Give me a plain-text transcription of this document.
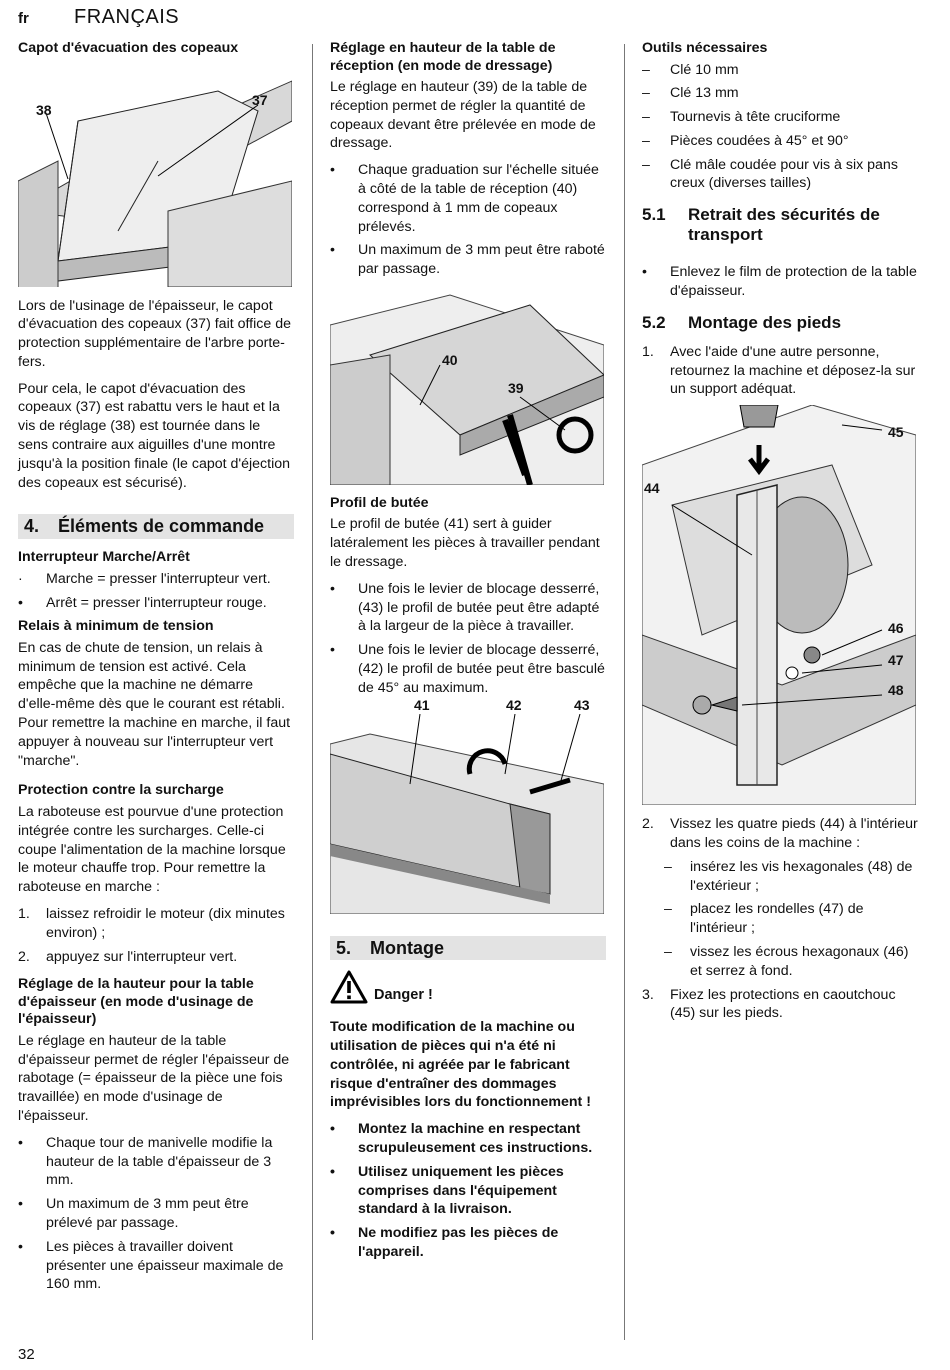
fr FRANÇAIS
Capot d'évacuation des copeaux
38
37

Lors de l'usinage de l'épaisseur, le capot d'évacuation des copeaux (37) fait office de protection supplémentaire de l'arbre porte-fers.

Pour cela, le capot d'évacuation des copeaux (37) est rabattu vers le haut et la vis de réglage (38) est tournée dans le sens contraire aux aiguilles d'une montre jusqu'à la position finale (le capot d'éjection des copeaux est sécurisé).

4. Éléments de commande
Interrupteur Marche/Arrêt
· Marche = presser l'interrupteur vert.
• Arrêt = presser l'interrupteur rouge.
Relais à minimum de tension

En cas de chute de tension, un relais à minimum de tension est activé. Cela empêche que la machine ne démarre d'elle-même dès que le courant est rétabli. Pour remettre la machine en marche, il faut appuyer à nouveau sur l'interrupteur vert "marche".

Protection contre la surcharge

La raboteuse est pourvue d'une protection intégrée contre les surcharges. Celle-ci coupe l'alimentation de la machine lorsque le moteur chauffe trop. Pour remettre la raboteuse en marche :

1. laissez refroidir le moteur (dix minutes environ) ;
2. appuyez sur l'interrupteur vert.
Réglage de la hauteur pour la table d'épaisseur (en mode d'usinage de l'épaisseur)

Le réglage en hauteur de la table d'épaisseur permet de régler l'épaisseur de rabotage (= épaisseur de la pièce une fois travaillée) en mode d'usinage de l'épaisseur.

• Chaque tour de manivelle modifie la hauteur de la table d'épaisseur de 3 mm.
• Un maximum de 3 mm peut être prélevé par passage.
• Les pièces à travailler doivent présenter une épaisseur maximale de 160 mm.
Réglage en hauteur de la table de réception (en mode de dressage)

Le réglage en hauteur (39) de la table de réception permet de régler la quantité de copeaux devant être prélevée en mode de dressage.

• Chaque graduation sur l'échelle située à côté de la table de réception (40) correspond à 1 mm de copeaux prélevés.
• Un maximum de 3 mm peut être raboté par passage.
40
39
Profil de butée

Le profil de butée (41) sert à guider latéralement les pièces à travailler pendant le dressage.

• Une fois le levier de blocage desserré, (43) le profil de butée peut être adapté à la largeur de la pièce à travailler.
• Une fois le levier de blocage desserré, (42) le profil de butée peut être basculé de 45° au maximum.
41	42	43
5. Montage
Danger !

Toute modification de la machine ou utilisation de pièces qui n'a été ni contrôlée, ni agréée par le fabricant risque d'entraîner des dommages imprévisibles lors du fonctionnement !

• Montez la machine en respectant scrupuleusement ces instructions.
• Utilisez uniquement les pièces comprises dans l'équipement standard à la livraison.
• Ne modifiez pas les pièces de l'appareil.
Outils nécessaires
– Clé 10 mm
– Clé 13 mm
– Tournevis à tête cruciforme
– Pièces coudées à 45° et 90°
– Clé mâle coudée pour vis à six pans creux (diverses tailles)
5.1	Retrait des sécurités de transport
• Enlevez le film de protection de la table d'épaisseur.
5.2	Montage des pieds
1. Avec l'aide d'une autre personne, retournez la machine et déposez-la sur un support adéquat.
45
44
46
47
48
2. Vissez les quatre pieds (44) à l'intérieur dans les coins de la machine :
– insérez les vis hexagonales (48) de l'extérieur ;
– placez les rondelles (47) de l'intérieur ;
– vissez les écrous hexagonaux (46) et serrez à fond.
3. Fixez les protections en caoutchouc (45) sur les pieds.
32
